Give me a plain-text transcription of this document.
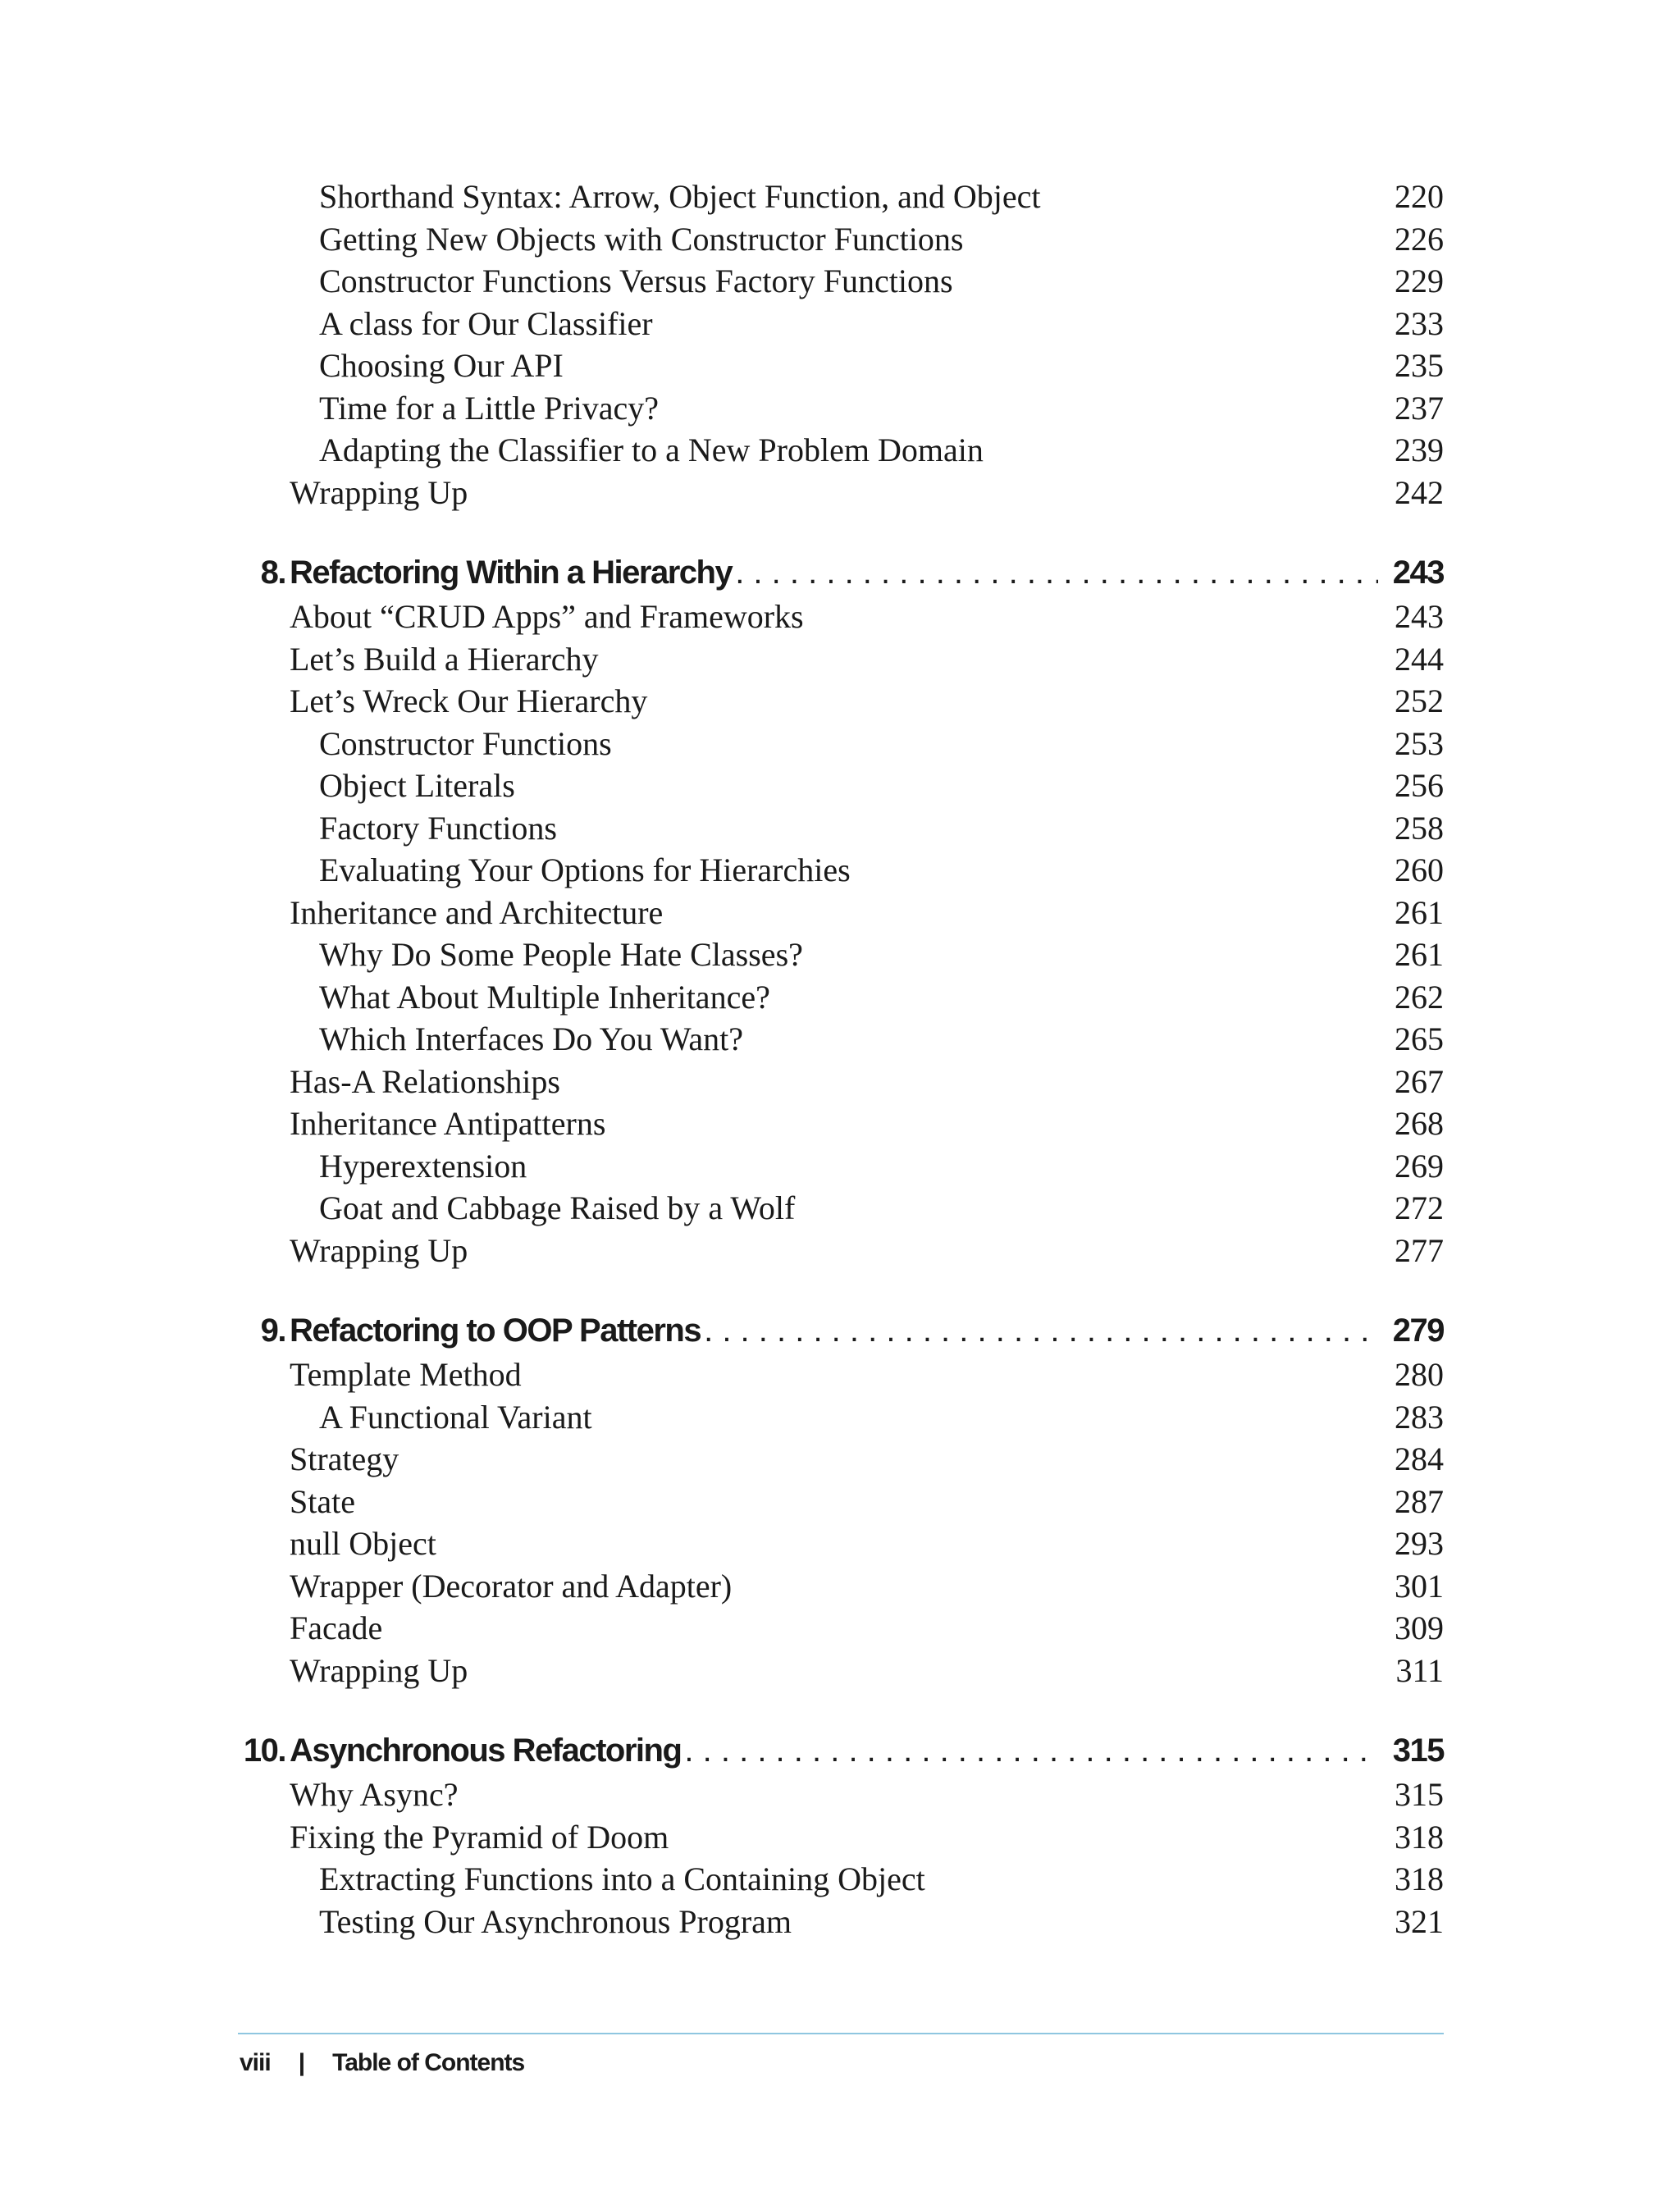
Shorthand Syntax: Arrow, Object Function, and Object	220
Getting New Objects with Constructor Functions	226
Constructor Functions Versus Factory Functions	229
A class for Our Classifier	233
Choosing Our API	235
Time for a Little Privacy?	237
Adapting the Classifier to a New Problem Domain	239
Wrapping Up	242
8. Refactoring Within a Hierarchy . . .	243
About “CRUD Apps” and Frameworks	243
Let’s Build a Hierarchy	244
Let’s Wreck Our Hierarchy	252
Constructor Functions	253
Object Literals	256
Factory Functions	258
Evaluating Your Options for Hierarchies	260
Inheritance and Architecture	261
Why Do Some People Hate Classes?	261
What About Multiple Inheritance?	262
Which Interfaces Do You Want?	265
Has-A Relationships	267
Inheritance Antipatterns	268
Hyperextension	269
Goat and Cabbage Raised by a Wolf	272
Wrapping Up	277
9. Refactoring to OOP Patterns . . .	279
Template Method	280
A Functional Variant	283
Strategy	284
State	287
null Object	293
Wrapper (Decorator and Adapter)	301
Facade	309
Wrapping Up	311
10. Asynchronous Refactoring . . .	315
Why Async?	315
Fixing the Pyramid of Doom	318
Extracting Functions into a Containing Object	318
Testing Our Asynchronous Program	321
viii | Table of Contents
